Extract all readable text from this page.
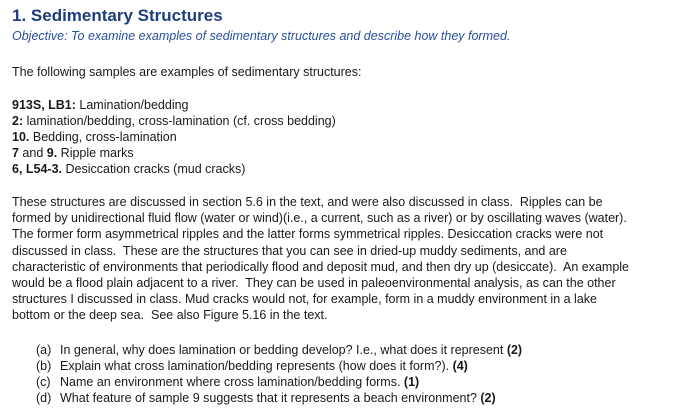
1. Sedimentary Structures

Objective: To examine examples of sedimentary structures and describe how they formed.

The following samples are examples of sedimentary structures:

913S, LB1: Lamination/bedding
2: lamination/bedding, cross-lamination (cf. cross bedding)
10. Bedding, cross-lamination
7 and 9. Ripple marks
6, L54-3. Desiccation cracks (mud cracks)
These structures are discussed in section 5.6 in the text, and were also discussed in class.  Ripples can be
formed by unidirectional fluid flow (water or wind)(i.e., a current, such as a river) or by oscillating waves (water).
The former form asymmetrical ripples and the latter forms symmetrical ripples. Desiccation cracks were not
discussed in class.  These are the structures that you can see in dried-up muddy sediments, and are
characteristic of environments that periodically flood and deposit mud, and then dry up (desiccate).  An example
would be a flood plain adjacent to a river.  They can be used in paleoenvironmental analysis, as can the other
structures I discussed in class. Mud cracks would not, for example, form in a muddy environment in a lake
bottom or the deep sea.  See also Figure 5.16 in the text.
(a) In general, why does lamination or bedding develop? I.e., what does it represent (2)
(b) Explain what cross lamination/bedding represents (how does it form?). (4)
(c) Name an environment where cross lamination/bedding forms. (1)
(d) What feature of sample 9 suggests that it represents a beach environment? (2)
